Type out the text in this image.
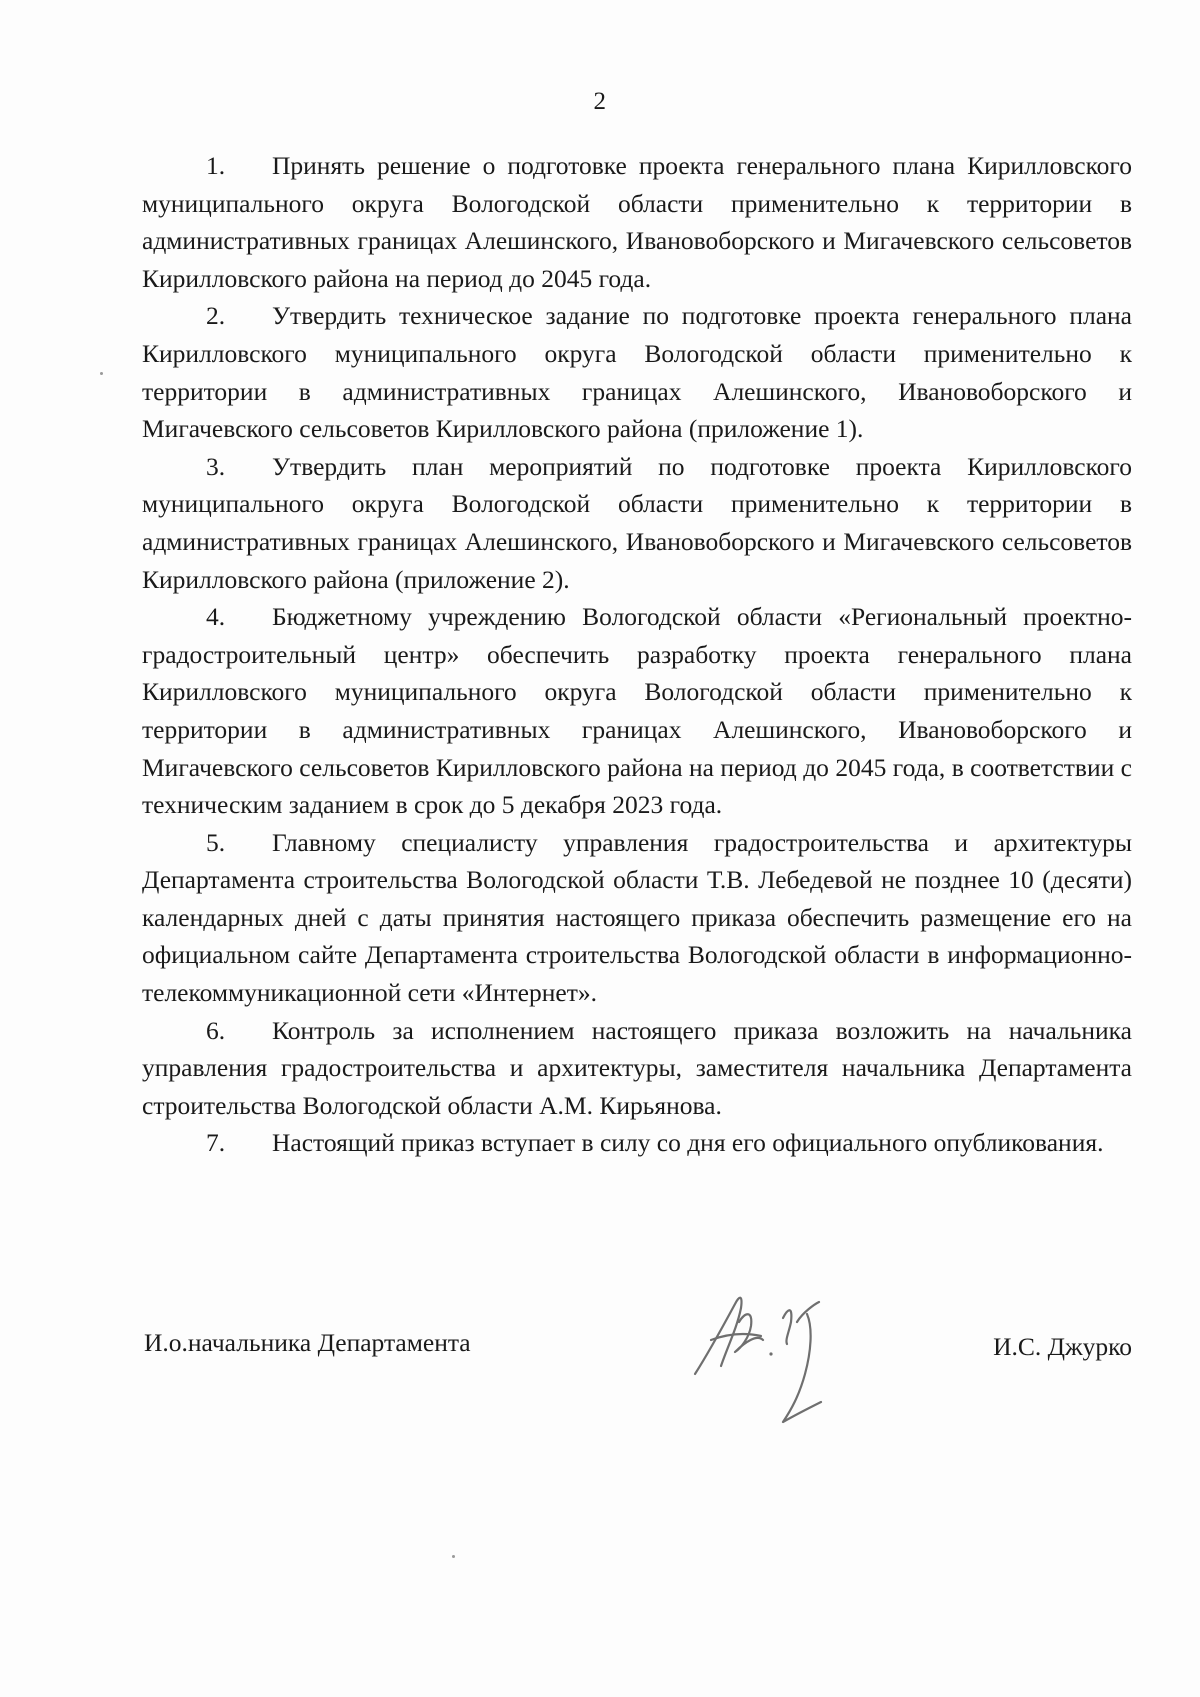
2

1. Принять решение о подготовке проекта генерального плана Кирилловского муниципального округа Вологодской области применительно к территории в административных границах Алешинского, Ивановоборского и Мигачевского сельсоветов Кирилловского района на период до 2045 года.

2. Утвердить техническое задание по подготовке проекта генерального плана Кирилловского муниципального округа Вологодской области применительно к территории в административных границах Алешинского, Ивановоборского и Мигачевского сельсоветов Кирилловского района (приложение 1).

3. Утвердить план мероприятий по подготовке проекта Кирилловского муниципального округа Вологодской области применительно к территории в административных границах Алешинского, Ивановоборского и Мигачевского сельсоветов Кирилловского района (приложение 2).

4. Бюджетному учреждению Вологодской области «Региональный проектно-градостроительный центр» обеспечить разработку проекта генерального плана Кирилловского муниципального округа Вологодской области применительно к территории в административных границах Алешинского, Ивановоборского и Мигачевского сельсоветов Кирилловского района на период до 2045 года, в соответствии с техническим заданием в срок до 5 декабря 2023 года.

5. Главному специалисту управления градостроительства и архитектуры Департамента строительства Вологодской области Т.В. Лебедевой не позднее 10 (десяти) календарных дней с даты принятия настоящего приказа обеспечить размещение его на официальном сайте Департамента строительства Вологодской области в информационно-телекоммуникационной сети «Интернет».

6. Контроль за исполнением настоящего приказа возложить на начальника управления градостроительства и архитектуры, заместителя начальника Департамента строительства Вологодской области А.М. Кирьянова.

7. Настоящий приказ вступает в силу со дня его официального опубликования.

И.о.начальника Департамента	И.С. Джурко
